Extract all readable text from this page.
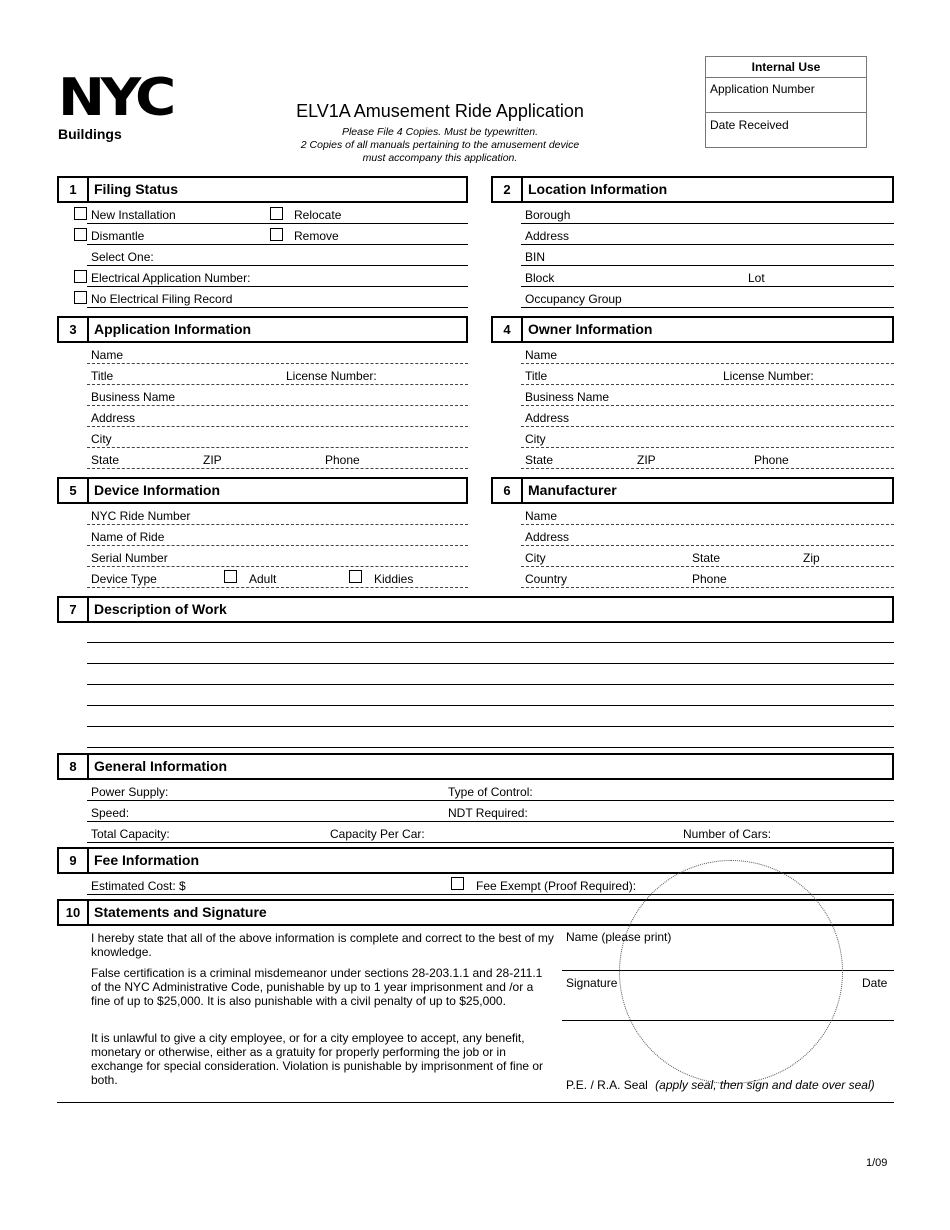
NYC
Buildings
ELV1A Amusement Ride Application
Please File 4 Copies. Must be typewritten.
2 Copies of all manuals pertaining to the amusement device
must accompany this application.
Internal Use
Application Number
Date Received
1	Filing Status
New Installation	Relocate
Dismantle	Remove
Select One:
Electrical Application Number:
No Electrical Filing Record
2	Location Information
Borough
Address
BIN
Block	Lot
Occupancy Group
3	Application Information
Name
Title	License Number:
Business Name
Address
City
State	ZIP	Phone
4	Owner Information
Name
Title	License Number:
Business Name
Address
City
State	ZIP	Phone
5	Device Information
NYC Ride Number
Name of Ride
Serial Number
Device Type	Adult	Kiddies
6	Manufacturer
Name
Address
City	State	Zip
Country	Phone
7	Description of Work
8	General Information
Power Supply:	Type of Control:
Speed:	NDT Required:
Total Capacity:	Capacity Per Car:	Number of Cars:
9	Fee Information
Estimated Cost: $	Fee Exempt (Proof Required):
10 Statements and Signature
I hereby state that all of the above information is complete and correct to the best of my knowledge.
False certification is a criminal misdemeanor under sections 28-203.1.1 and 28-211.1 of the NYC Administrative Code, punishable by up to 1 year imprisonment and /or a fine of up to $25,000. It is also punishable with a civil penalty of up to $25,000.
It is unlawful to give a city employee, or for a city employee to accept, any benefit, monetary or otherwise, either as a gratuity for properly performing the job or in exchange for special consideration. Violation is punishable by imprisonment of fine or both.
Name (please print)
Signature	Date
P.E. / R.A. Seal (apply seal, then sign and date over seal)
1/09
